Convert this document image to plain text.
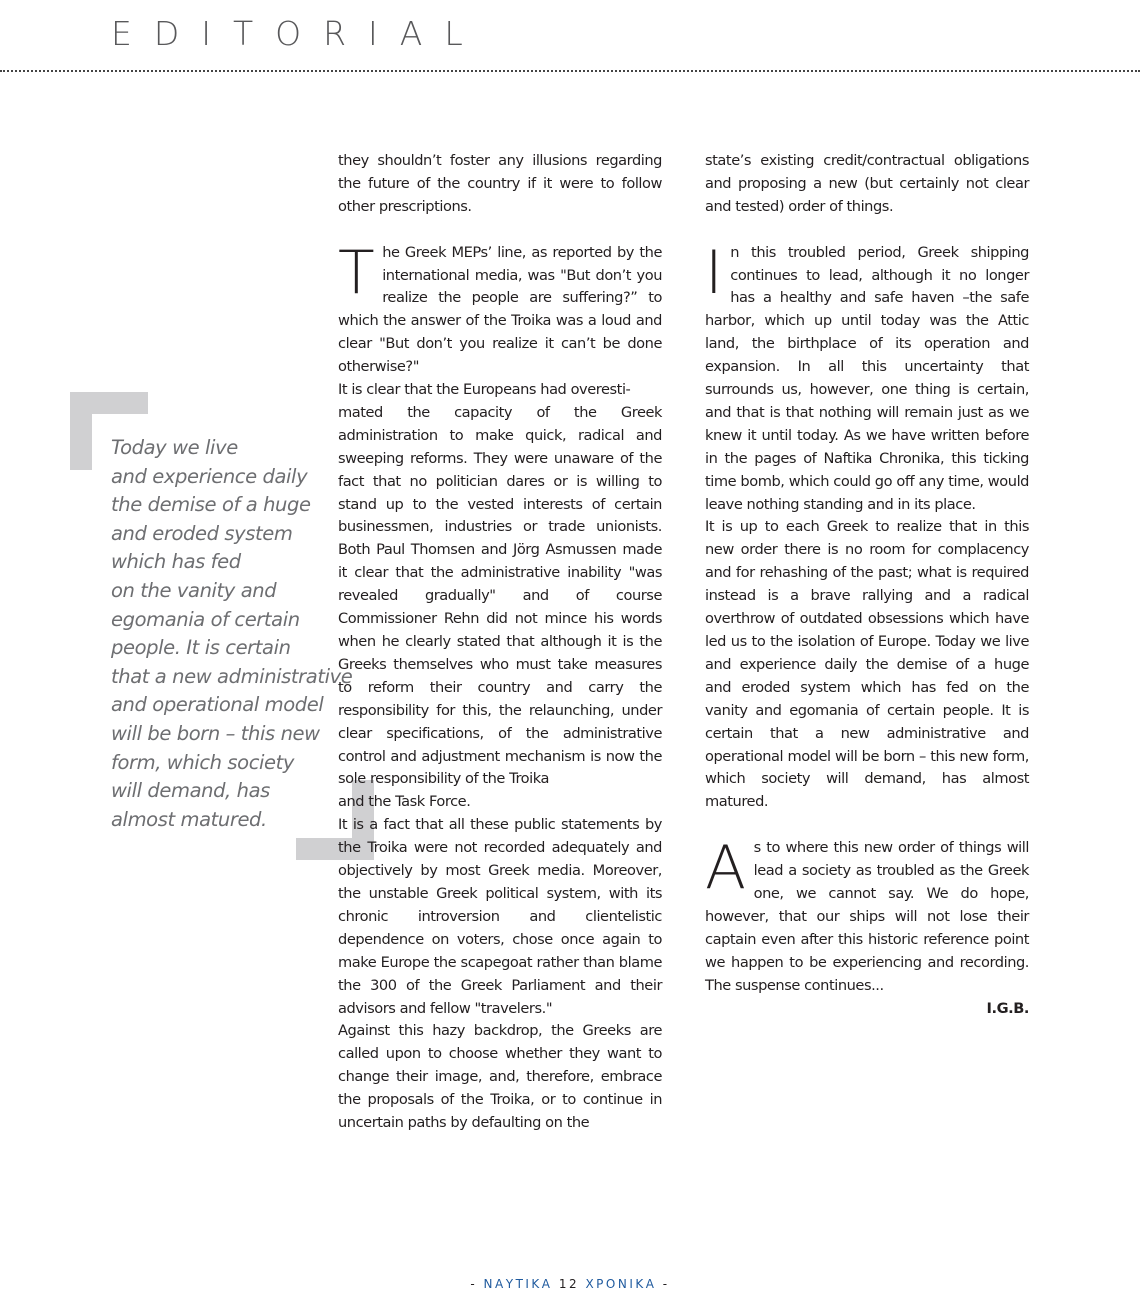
EDITORIAL
Today we live
and experience daily
the demise of a huge
and eroded system
which has fed
on the vanity and
egomania of certain
people. It is certain
that a new administrative
and operational model
will be born – this new
form, which society
will demand, has
almost matured.

they shouldn’t foster any illusions regarding the future of the country if it were to follow other prescriptions.

The Greek MEPs’ line, as reported by the international media, was "But don’t you realize the people are suffering?” to which the answer of the Troika was a loud and clear "But don’t you realize it can’t be done otherwise?"

It is clear that the Europeans had overesti-

mated the capacity of the Greek administration to make quick, radical and sweeping reforms. They were unaware of the fact that no politician dares or is willing to stand up to the vested interests of certain businessmen, industries or trade unionists. Both Paul Thomsen and Jörg Asmussen made it clear that the administrative inability "was revealed gradually" and of course Commissioner Rehn did not mince his words when he clearly stated that although it is the Greeks themselves who must take measures to reform their country and carry the responsibility for this, the relaunching, under clear specifications, of the administrative control and adjustment mechanism is now the sole responsibility of the Troika

and the Task Force.

It is a fact that all these public statements by the Troika were not recorded adequately and objectively by most Greek media. Moreover, the unstable Greek political system, with its chronic introversion and clientelistic dependence on voters, chose once again to make Europe the scapegoat rather than blame the 300 of the Greek Parliament and their advisors and fellow "travelers."

Against this hazy backdrop, the Greeks are called upon to choose whether they want to change their image, and, therefore, embrace the proposals of the Troika, or to continue in uncertain paths by defaulting on the

state’s existing credit/contractual obligations and proposing a new (but certainly not clear and tested) order of things.

In this troubled period, Greek shipping continues to lead, although it no longer has a healthy and safe haven –the safe harbor, which up until today was the Attic land, the birthplace of its operation and expansion. In all this uncertainty that surrounds us, however, one thing is certain, and that is that nothing will remain just as we knew it until today. As we have written before in the pages of Naftika Chronika, this ticking time bomb, which could go off any time, would leave nothing standing and in its place.

It is up to each Greek to realize that in this new order there is no room for complacency and for rehashing of the past; what is required instead is a brave rallying and a radical overthrow of outdated obsessions which have led us to the isolation of Europe. Today we live and experience daily the demise of a huge and eroded system which has fed on the vanity and egomania of certain people. It is certain that a new administrative and operational model will be born – this new form, which society will demand, has almost matured.

As to where this new order of things will lead a society as troubled as the Greek one, we cannot say. We do hope, however, that our ships will not lose their captain even after this historic reference point we happen to be experiencing and recording. The suspense continues...

I.G.B.

- ΝΑΥΤΙΚΑ 12 ΧΡΟΝΙΚΑ -
